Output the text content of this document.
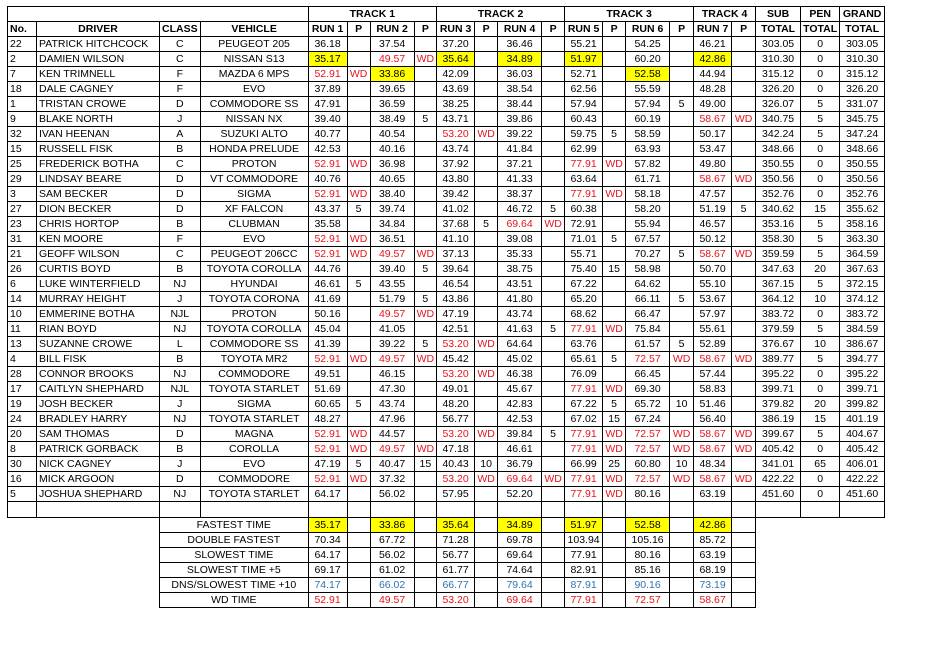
				TRACK 1				TRACK 2				TRACK 3				TRACK 4		SUB	PEN	GRAND
No.	DRIVER	CLASS	VEHICLE	RUN 1	P	RUN 2	P	RUN 3	P	RUN 4	P	RUN 5	P	RUN 6	P	RUN 7	P	TOTAL	TOTAL	TOTAL
22	PATRICK HITCHCOCK	C	PEUGEOT 205	36.18		37.54		37.20		36.46		55.21		54.25		46.21		303.05	0	303.05
2	DAMIEN WILSON	C	NISSAN S13	35.17		49.57	WD	35.64		34.89		51.97		60.20		42.86		310.30	0	310.30
7	KEN TRIMNELL	F	MAZDA 6 MPS	52.91	WD	33.86		42.09		36.03		52.71		52.58		44.94		315.12	0	315.12
18	DALE CAGNEY	F	EVO	37.89		39.65		43.69		38.54		62.56		55.59		48.28		326.20	0	326.20
1	TRISTAN CROWE	D	COMMODORE SS	47.91		36.59		38.25		38.44		57.94		57.94	5	49.00		326.07	5	331.07
9	BLAKE NORTH	J	NISSAN NX	39.40		38.49	5	43.71		39.86		60.43		60.19		58.67	WD	340.75	5	345.75
32	IVAN HEENAN	A	SUZUKI ALTO	40.77		40.54		53.20	WD	39.22		59.75	5	58.59		50.17		342.24	5	347.24
15	RUSSELL FISK	B	HONDA PRELUDE	42.53		40.16		43.74		41.84		62.99		63.93		53.47		348.66	0	348.66
25	FREDERICK BOTHA	C	PROTON	52.91	WD	36.98		37.92		37.21		77.91	WD	57.82		49.80		350.55	0	350.55
29	LINDSAY BEARE	D	VT COMMODORE	40.76		40.65		43.80		41.33		63.64		61.71		58.67	WD	350.56	0	350.56
3	SAM BECKER	D	SIGMA	52.91	WD	38.40		39.42		38.37		77.91	WD	58.18		47.57		352.76	0	352.76
27	DION BECKER	D	XF FALCON	43.37	5	39.74		41.02		46.72	5	60.38		58.20		51.19	5	340.62	15	355.62
23	CHRIS HORTOP	B	CLUBMAN	35.58		34.84		37.68	5	69.64	WD	72.91		55.94		46.57		353.16	5	358.16
31	KEN MOORE	F	EVO	52.91	WD	36.51		41.10		39.08		71.01	5	67.57		50.12		358.30	5	363.30
21	GEOFF WILSON	C	PEUGEOT 206CC	52.91	WD	49.57	WD	37.13		35.33		55.71		70.27	5	58.67	WD	359.59	5	364.59
26	CURTIS BOYD	B	TOYOTA COROLLA	44.76		39.40	5	39.64		38.75		75.40	15	58.98		50.70		347.63	20	367.63
6	LUKE WINTERFIELD	NJ	HYUNDAI	46.61	5	43.55		46.54		43.51		67.22		64.62		55.10		367.15	5	372.15
14	MURRAY HEIGHT	J	TOYOTA CORONA	41.69		51.79	5	43.86		41.80		65.20		66.11	5	53.67		364.12	10	374.12
10	EMMERINE BOTHA	NJL	PROTON	50.16		49.57	WD	47.19		43.74		68.62		66.47		57.97		383.72	0	383.72
11	RIAN BOYD	NJ	TOYOTA COROLLA	45.04		41.05		42.51		41.63	5	77.91	WD	75.84		55.61		379.59	5	384.59
13	SUZANNE CROWE	L	COMMODORE SS	41.39		39.22	5	53.20	WD	64.64		63.76		61.57	5	52.89		376.67	10	386.67
4	BILL FISK	B	TOYOTA MR2	52.91	WD	49.57	WD	45.42		45.02		65.61	5	72.57	WD	58.67	WD	389.77	5	394.77
28	CONNOR BROOKS	NJ	COMMODORE	49.51		46.15		53.20	WD	46.38		76.09		66.45		57.44		395.22	0	395.22
17	CAITLYN SHEPHARD	NJL	TOYOTA STARLET	51.69		47.30		49.01		45.67		77.91	WD	69.30		58.83		399.71	0	399.71
19	JOSH BECKER	J	SIGMA	60.65	5	43.74		48.20		42.83		67.22	5	65.72	10	51.46		379.82	20	399.82
24	BRADLEY HARRY	NJ	TOYOTA STARLET	48.27		47.96		56.77		42.53		67.02	15	67.24		56.40		386.19	15	401.19
20	SAM THOMAS	D	MAGNA	52.91	WD	44.57		53.20	WD	39.84	5	77.91	WD	72.57	WD	58.67	WD	399.67	5	404.67
8	PATRICK GORBACK	B	COROLLA	52.91	WD	49.57	WD	47.18		46.61		77.91	WD	72.57	WD	58.67	WD	405.42	0	405.42
30	NICK CAGNEY	J	EVO	47.19	5	40.47	15	40.43	10	36.79		66.99	25	60.80	10	48.34		341.01	65	406.01
16	MICK ARGOON	D	COMMODORE	52.91	WD	37.32		53.20	WD	69.64	WD	77.91	WD	72.57	WD	58.67	WD	422.22	0	422.22
5	JOSHUA SHEPHARD	NJ	TOYOTA STARLET	64.17		56.02		57.95		52.20		77.91	WD	80.16		63.19		451.60	0	451.60

		FASTEST TIME		35.17		33.86		35.64		34.89		51.97		52.58		42.86				
		DOUBLE FASTEST		70.34		67.72		71.28		69.78		103.94		105.16		85.72				
		SLOWEST TIME		64.17		56.02		56.77		69.64		77.91		80.16		63.19				
		SLOWEST TIME +5		69.17		61.02		61.77		74.64		82.91		85.16		68.19				
		DNS/SLOWEST TIME +10		74.17		66.02		66.77		79.64		87.91		90.16		73.19				
		WD TIME		52.91		49.57		53.20		69.64		77.91		72.57		58.67				
